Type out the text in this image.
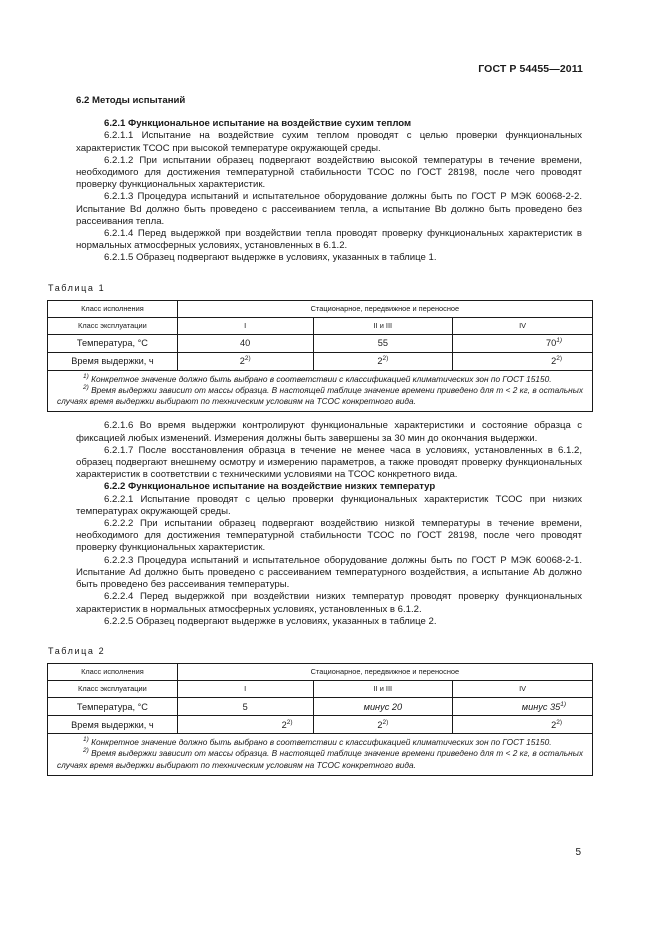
ГОСТ Р 54455—2011

6.2 Методы испытаний

6.2.1 Функциональное испытание на воздействие сухим теплом

6.2.1.1 Испытание на воздействие сухим теплом проводят с целью проверки функциональных характеристик ТСОС при высокой температуре окружающей среды.

6.2.1.2 При испытании образец подвергают воздействию высокой температуры в течение времени, необходимого для достижения температурной стабильности ТСОС по ГОСТ 28198, после чего проводят проверку функциональных характеристик.

6.2.1.3 Процедура испытаний и испытательное оборудование должны быть по ГОСТ Р МЭК 60068-2-2. Испытание Bd должно быть проведено с рассеиванием тепла, а испытание Bb должно быть проведено без рассеивания тепла.

6.2.1.4 Перед выдержкой при воздействии тепла проводят проверку функциональных характеристик в нормальных атмосферных условиях, установленных в 6.1.2.

6.2.1.5 Образец подвергают выдержке в условиях, указанных в таблице 1.

Таблица 1

Класс исполнения	Стационарное, передвижное и переносное		
Класс эксплуатации	I	II и III	IV
Температура, °С	40	55	70$^{1)}$
Время выдержки, ч	2$^{2)}$	2$^{2)}$	2$^{2)}$

$^{1)}$ Конкретное значение должно быть выбрано в соответствии с классификацией климатических зон по ГОСТ 15150.

$^{2)}$ Время выдержки зависит от массы образца. В настоящей таблице значение времени приведено для m < 2 кг, в остальных случаях время выдержки выбирают по техническим условиям на ТСОС конкретного вида.			

6.2.1.6 Во время выдержки контролируют функциональные характеристики и состояние образца с фиксацией любых изменений. Измерения должны быть завершены за 30 мин до окончания выдержки.

6.2.1.7 После восстановления образца в течение не менее часа в условиях, установленных в 6.1.2, образец подвергают внешнему осмотру и измерению параметров, а также проводят проверку функциональных характеристик в соответствии с техническими условиями на ТСОС конкретного вида.

6.2.2 Функциональное испытание на воздействие низких температур

6.2.2.1 Испытание проводят с целью проверки функциональных характеристик ТСОС при низких температурах окружающей среды.

6.2.2.2 При испытании образец подвергают воздействию низкой температуры в течение времени, необходимого для достижения температурной стабильности ТСОС по ГОСТ 28198, после чего проводят проверку функциональных характеристик.

6.2.2.3 Процедура испытаний и испытательное оборудование должны быть по ГОСТ Р МЭК 60068-2-1. Испытание Ad должно быть проведено с рассеиванием температурного воздействия, а испытание Ab должно быть проведено без рассеивания температуры.

6.2.2.4 Перед выдержкой при воздействии низких температур проводят проверку функциональных характеристик в нормальных атмосферных условиях, установленных в 6.1.2.

6.2.2.5 Образец подвергают выдержке в условиях, указанных в таблице 2.

Таблица 2

Класс исполнения	Стационарное, передвижное и переносное		
Класс эксплуатации	I	II и III	IV
Температура, °С	5	минус 20	минус 35$^{1)}$
Время выдержки, ч	2$^{2)}$	2$^{2)}$	2$^{2)}$

$^{1)}$ Конкретное значение должно быть выбрано в соответствии с классификацией климатических зон по ГОСТ 15150.

$^{2)}$ Время выдержки зависит от массы образца. В настоящей таблице значение времени приведено для m < 2 кг, в остальных случаях время выдержки выбирают по техническим условиям на ТСОС конкретного вида.			

5
